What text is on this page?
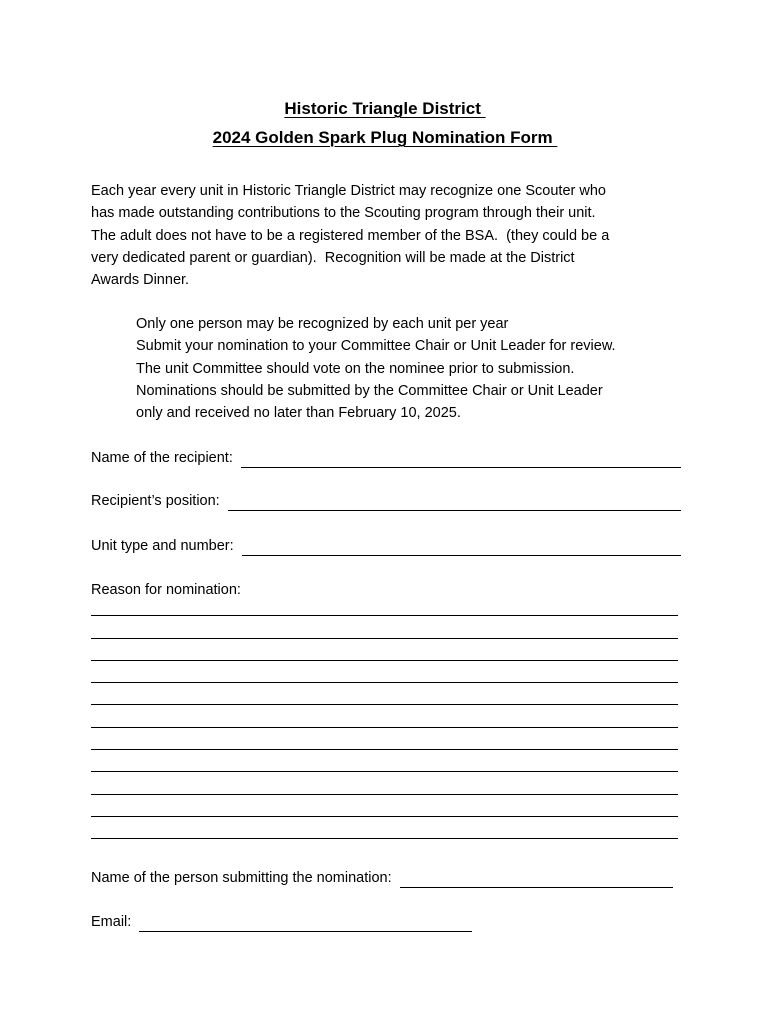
Historic Triangle District
2024 Golden Spark Plug Nomination Form
Each year every unit in Historic Triangle District may recognize one Scouter who
has made outstanding contributions to the Scouting program through their unit.
The adult does not have to be a registered member of the BSA.  (they could be a
very dedicated parent or guardian).  Recognition will be made at the District
Awards Dinner.
Only one person may be recognized by each unit per year
Submit your nomination to your Committee Chair or Unit Leader for review.
The unit Committee should vote on the nominee prior to submission.
Nominations should be submitted by the Committee Chair or Unit Leader
only and received no later than February 10, 2025.
Name of the recipient:
Recipient’s position:
Unit type and number:
Reason for nomination:
Name of the person submitting the nomination:
Email:
